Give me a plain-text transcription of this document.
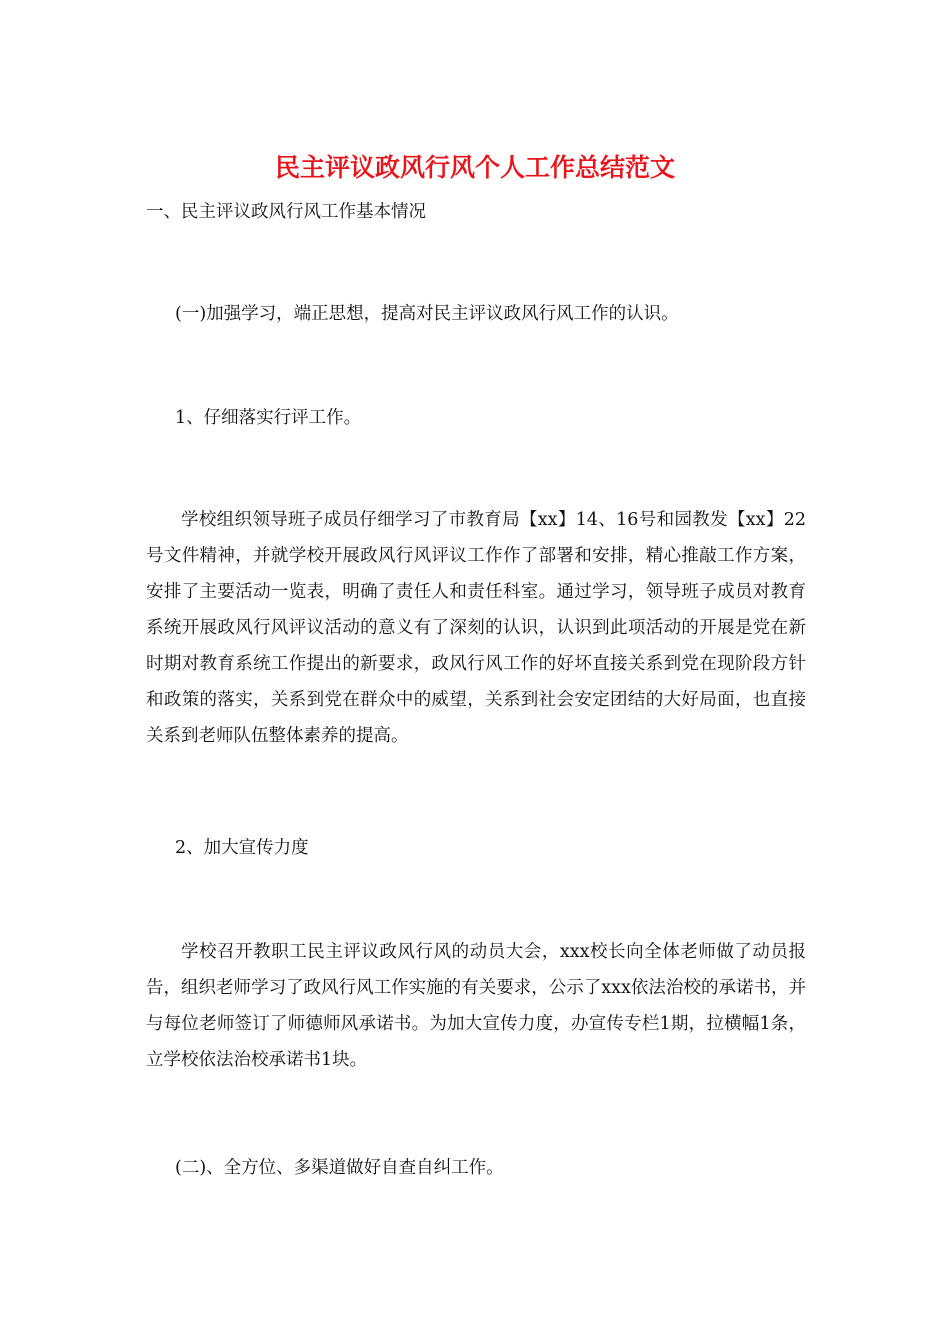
民主评议政风行风个人工作总结范文

一、民主评议政风行风工作基本情况

(一)加强学习，端正思想，提高对民主评议政风行风工作的认识。

1、仔细落实行评工作。

学校组织领导班子成员仔细学习了市教育局【xx】14、16号和园教发【xx】22号文件精神，并就学校开展政风行风评议工作作了部署和安排，精心推敲工作方案，安排了主要活动一览表，明确了责任人和责任科室。通过学习，领导班子成员对教育系统开展政风行风评议活动的意义有了深刻的认识，认识到此项活动的开展是党在新时期对教育系统工作提出的新要求，政风行风工作的好坏直接关系到党在现阶段方针和政策的落实，关系到党在群众中的威望，关系到社会安定团结的大好局面，也直接关系到老师队伍整体素养的提高。

2、加大宣传力度

学校召开教职工民主评议政风行风的动员大会，xxx校长向全体老师做了动员报告，组织老师学习了政风行风工作实施的有关要求，公示了xxx依法治校的承诺书，并与每位老师签订了师德师风承诺书。为加大宣传力度，办宣传专栏1期，拉横幅1条，立学校依法治校承诺书1块。

(二)、全方位、多渠道做好自查自纠工作。
